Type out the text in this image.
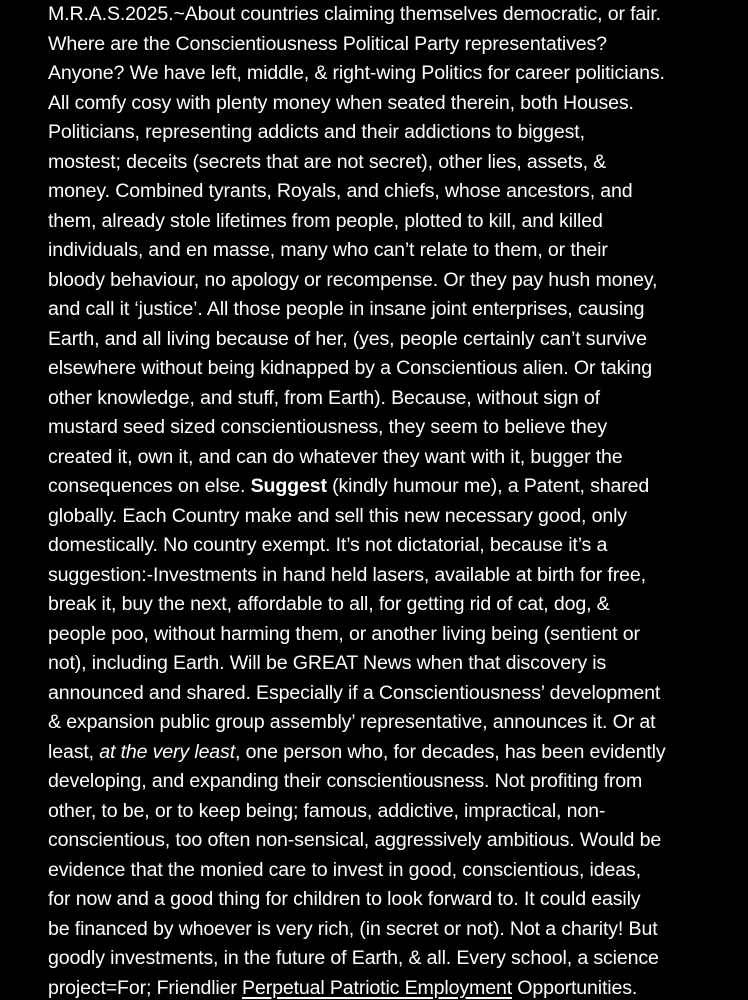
M.R.A.S.2025.~About countries claiming themselves democratic, or fair.
Where are the Conscientiousness Political Party representatives?
Anyone? We have left, middle, & right-wing Politics for career politicians.
All comfy cosy with plenty money when seated therein, both Houses.
Politicians, representing addicts and their addictions to biggest,
mostest; deceits (secrets that are not secret), other lies, assets, &
money. Combined tyrants, Royals, and chiefs, whose ancestors, and
them, already stole lifetimes from people, plotted to kill, and killed
individuals, and en masse, many who can’t relate to them, or their
bloody behaviour, no apology or recompense. Or they pay hush money,
and call it ‘justice’. All those people in insane joint enterprises, causing
Earth, and all living because of her, (yes, people certainly can’t survive
elsewhere without being kidnapped by a Conscientious alien. Or taking
other knowledge, and stuff, from Earth). Because, without sign of
mustard seed sized conscientiousness, they seem to believe they
created it, own it, and can do whatever they want with it, bugger the
consequences on else. Suggest (kindly humour me), a Patent, shared
globally. Each Country make and sell this new necessary good, only
domestically. No country exempt. It’s not dictatorial, because it’s a
suggestion:-Investments in hand held lasers, available at birth for free,
break it, buy the next, affordable to all, for getting rid of cat, dog, &
people poo, without harming them, or another living being (sentient or
not), including Earth. Will be GREAT News when that discovery is
announced and shared. Especially if a Conscientiousness’ development
& expansion public group assembly’ representative, announces it. Or at
least, at the very least, one person who, for decades, has been evidently
developing, and expanding their conscientiousness. Not profiting from
other, to be, or to keep being; famous, addictive, impractical, non-
conscientious, too often non-sensical, aggressively ambitious. Would be
evidence that the monied care to invest in good, conscientious, ideas,
for now and a good thing for children to look forward to. It could easily
be financed by whoever is very rich, (in secret or not). Not a charity! But
goodly investments, in the future of Earth, & all. Every school, a science
project=For; Friendlier Perpetual Patriotic Employment Opportunities.
